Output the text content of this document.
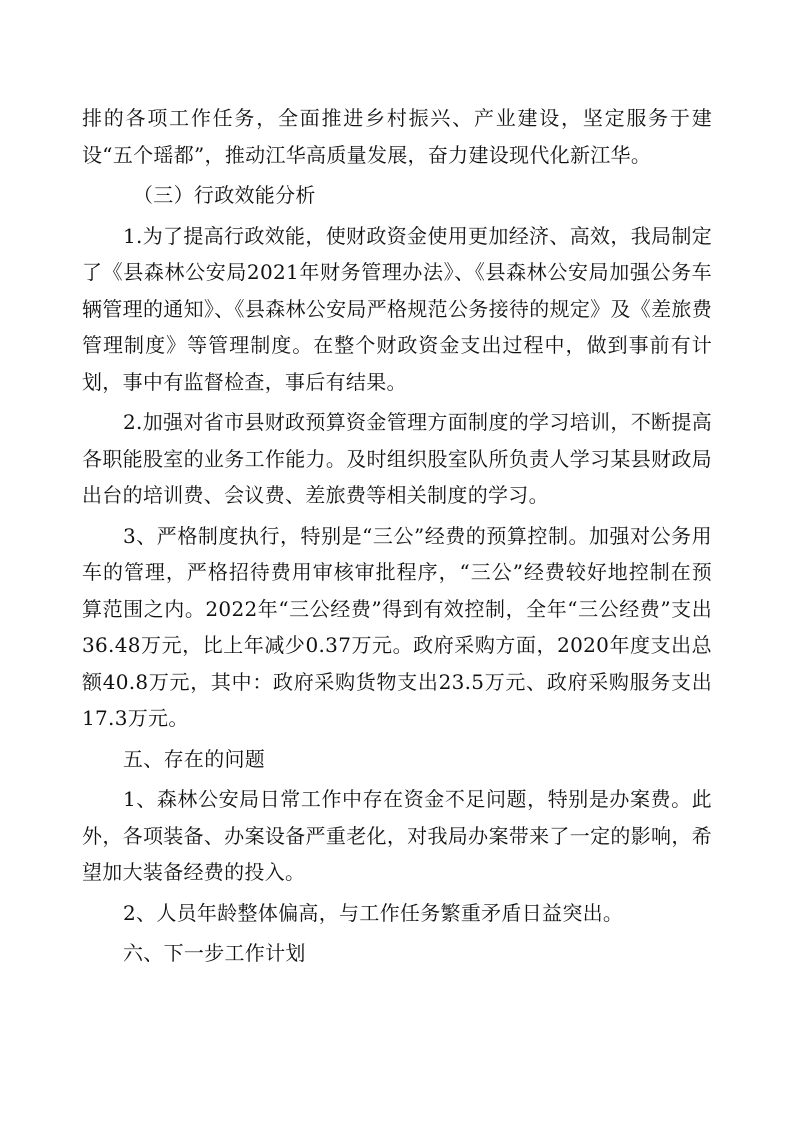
排的各项工作任务，全面推进乡村振兴、产业建设，坚定服务于建设“五个瑶都”，推动江华高质量发展，奋力建设现代化新江华。

（三）行政效能分析

1.为了提高行政效能，使财政资金使用更加经济、高效，我局制定了《县森林公安局2021年财务管理办法》、《县森林公安局加强公务车辆管理的通知》、《县森林公安局严格规范公务接待的规定》及《差旅费管理制度》等管理制度。在整个财政资金支出过程中，做到事前有计划，事中有监督检查，事后有结果。

2.加强对省市县财政预算资金管理方面制度的学习培训，不断提高各职能股室的业务工作能力。及时组织股室队所负责人学习某县财政局出台的培训费、会议费、差旅费等相关制度的学习。

3、严格制度执行，特别是“三公”经费的预算控制。加强对公务用车的管理，严格招待费用审核审批程序，“三公”经费较好地控制在预算范围之内。2022年“三公经费”得到有效控制，全年“三公经费”支出36.48万元，比上年减少0.37万元。政府采购方面，2020年度支出总额40.8万元，其中：政府采购货物支出23.5万元、政府采购服务支出17.3万元。

五、存在的问题

1、森林公安局日常工作中存在资金不足问题，特别是办案费。此外，各项装备、办案设备严重老化，对我局办案带来了一定的影响，希望加大装备经费的投入。

2、人员年龄整体偏高，与工作任务繁重矛盾日益突出。

六、下一步工作计划
